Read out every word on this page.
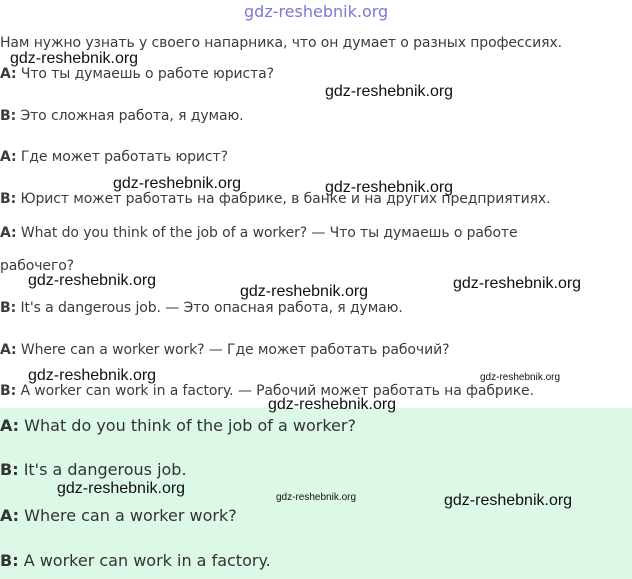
gdz-reshebnik.org
Нам нужно узнать у своего напарника, что он думает о разных профессиях.
A: Что ты думаешь о работе юриста?
B: Это сложная работа, я думаю.
A: Где может работать юрист?
B: Юрист может работать на фабрике, в банке и на других предприятиях.
A: What do you think of the job of a worker? — Что ты думаешь о работе
рабочего?
B: It's a dangerous job. — Это опасная работа, я думаю.
A: Where can a worker work? — Где может работать рабочий?
B: A worker can work in a factory. — Рабочий может работать на фабрике.
A: What do you think of the job of a worker?
B: It's a dangerous job.
A: Where can a worker work?
B: A worker can work in a factory.
gdz-reshebnik.org
gdz-reshebnik.org
gdz-reshebnik.org	gdz-reshebnik.org
gdz-reshebnik.org
gdz-reshebnik.org	gdz-reshebnik.org
gdz-reshebnik.org	gdz-reshebnik.org
gdz-reshebnik.org
gdz-reshebnik.org
gdz-reshebnik.org	gdz-reshebnik.org
